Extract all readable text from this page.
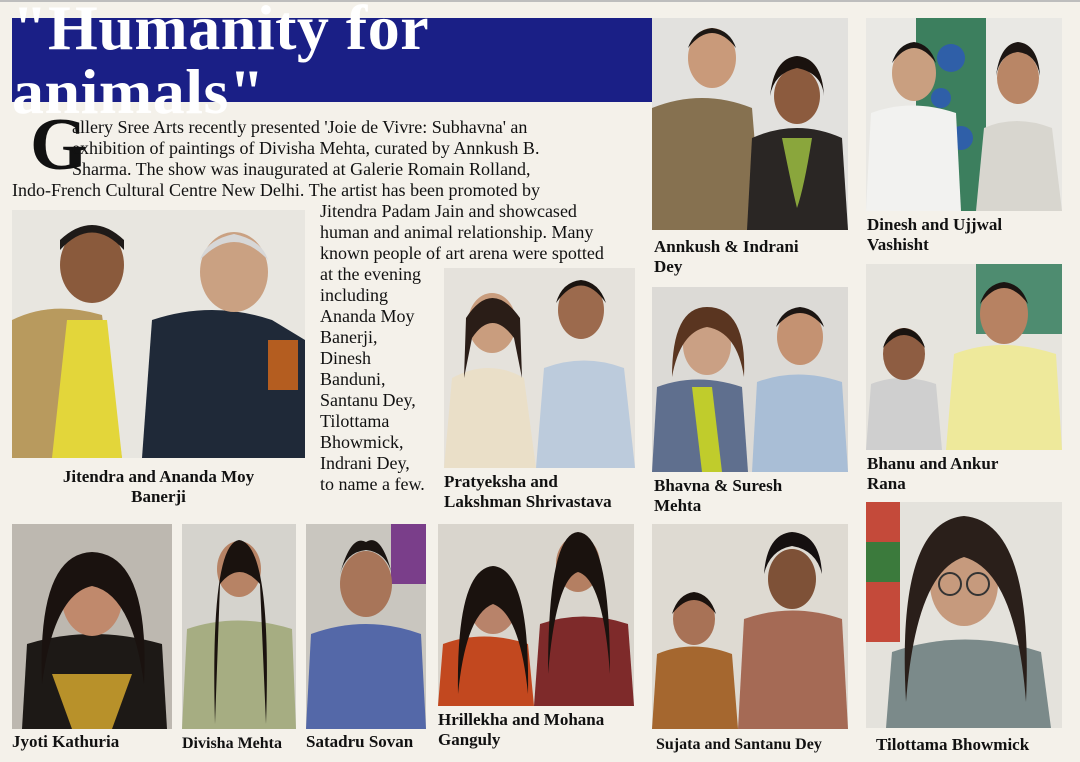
"Humanity for animals"
G
allery Sree Arts recently presented 'Joie de Vivre: Subhavna' an
exhibition of paintings of Divisha Mehta, curated by Annkush B.
Sharma. The show was inaugurated at Galerie Romain Rolland,
Indo-French Cultural Centre New Delhi. The artist has been promoted by
Jitendra Padam Jain and showcased
human and animal relationship. Many
known people of art arena were spotted
at the evening
including
Ananda Moy
Banerji,
Dinesh
Banduni,
Santanu Dey,
Tilottama
Bhowmick,
Indrani Dey,
to name a few.
Jitendra and Ananda Moy
Banerji
Pratyeksha and
Lakshman Shrivastava
Annkush & Indrani
Dey
Dinesh and Ujjwal
Vashisht
Bhavna & Suresh
Mehta
Bhanu and Ankur
Rana
Jyoti Kathuria	Divisha Mehta Satadru Sovan
Hrillekha and Mohana
Ganguly	Sujata and Santanu Dey	Tilottama Bhowmick
